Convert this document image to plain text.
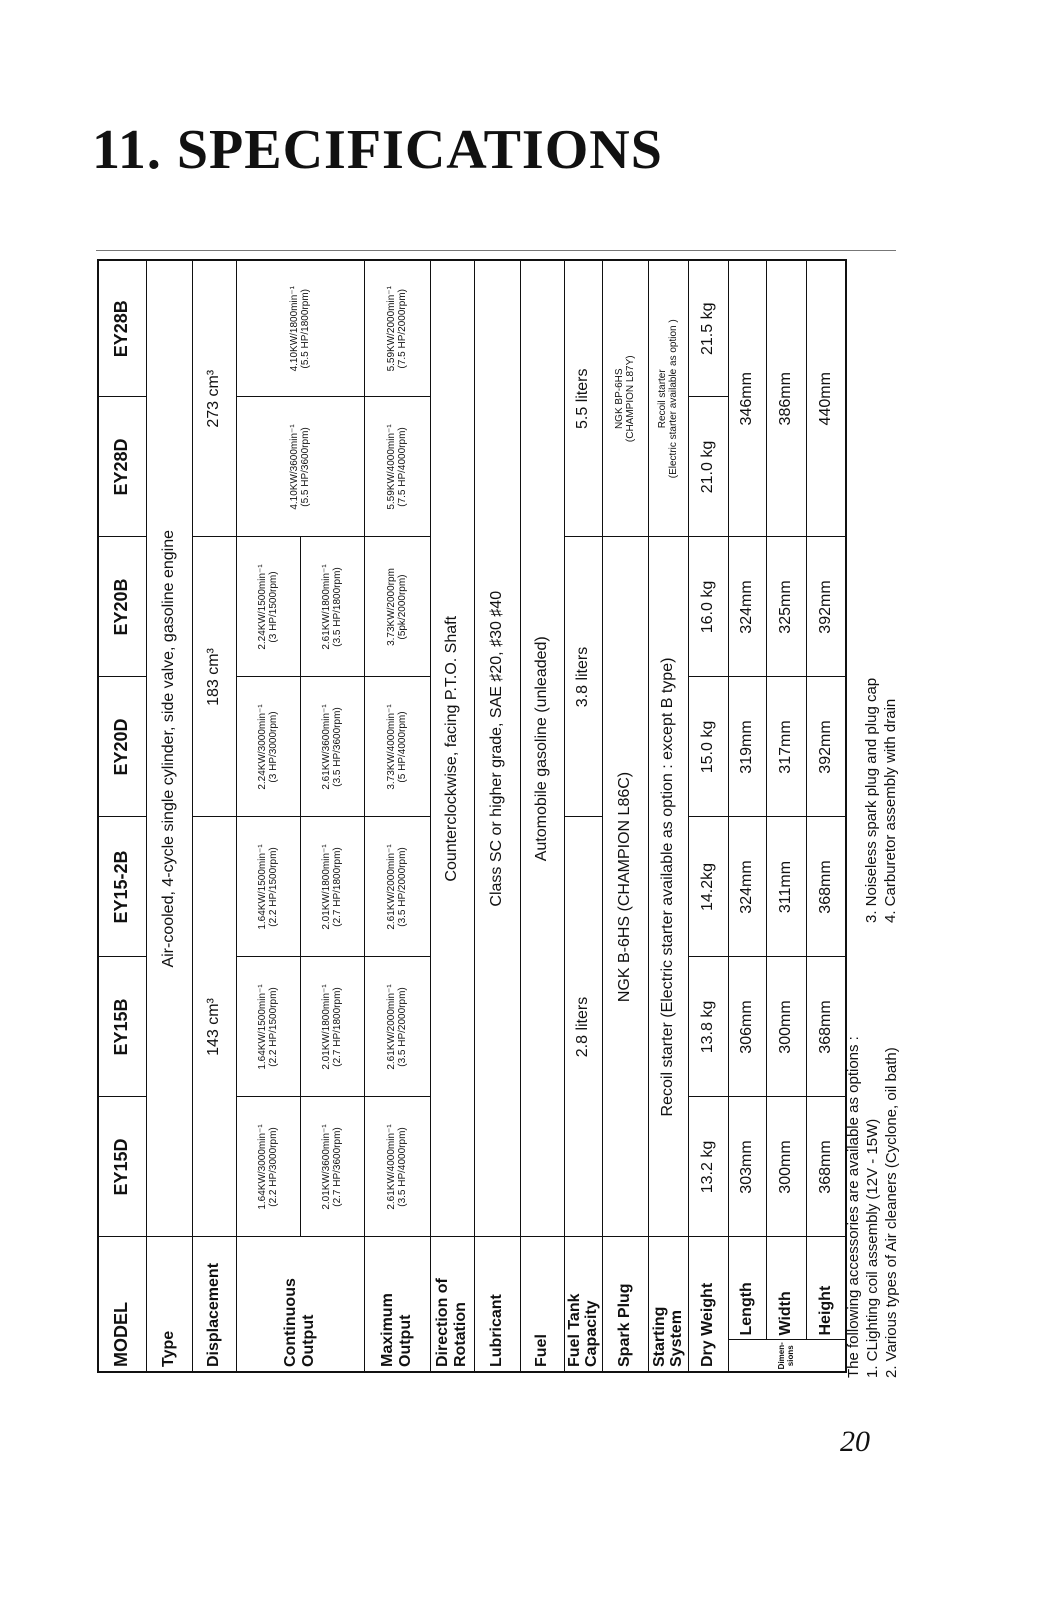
11. SPECIFICATIONS
MODEL		EY15D	EY15B	EY15-2B	EY20D	EY20B	EY28D	EY28B
Type		Air-cooled, 4-cycle single cylinder, side valve, gasoline engine						
Displacement		143 cm³			183 cm³		273 cm³	

Continuous Output		1.64KW/3000min⁻¹ (2.2 HP/3000rpm)	1.64KW/1500min⁻¹ (2.2 HP/1500rpm)	1.64KW/1500min⁻¹ (2.2 HP/1500rpm)	2.24KW/3000min⁻¹ (3 HP/3000rpm)	2.24KW/1500min⁻¹ (3 HP/1500rpm)	4.10KW/3600min⁻¹ (5.5 HP/3600rpm)	4.10KW/1800min⁻¹ (5.5 HP/1800rpm)

		2.01KW/3600min⁻¹ (2.7 HP/3600rpm)	2.01KW/1800min⁻¹ (2.7 HP/1800rpm)	2.01KW/1800min⁻¹ (2.7 HP/1800rpm)	2.61KW/3600min⁻¹ (3.5 HP/3600rpm)	2.61KW/1800min⁻¹ (3.5 HP/1800rpm)		

Maximum Output		2.61KW/4000min⁻¹ (3.5 HP/4000rpm)	2.61KW/2000min⁻¹ (3.5 HP/2000rpm)	2.61KW/2000min⁻¹ (3.5 HP/2000rpm)	3.73KW/4000min⁻¹ (5 HP/4000rpm)	3.73KW/2000rpm (5pk/2000rpm)	5.59KW/4000min⁻¹ (7.5 HP/4000rpm)	5.59KW/2000min⁻¹ (7.5 HP/2000rpm)

Direction of Rotation		Counterclockwise, facing P.T.O. Shaft						
Lubricant		Class SC or higher grade, SAE ♯20, ♯30 ♯40						
Fuel		Automobile gasoline (unleaded)						

Fuel Tank Capacity		2.8 liters			3.8 liters		5.5 liters	
Spark Plug		NGK B-6HS (CHAMPION L86C)					NGK BP-6HS (CHAMPION L87Y)	

Starting System		Recoil starter (Electric starter available as option : except B type)					Recoil starter (Electric starter available as option )	

Dry Weight		13.2 kg	13.8 kg	14.2kg	15.0 kg	16.0 kg	21.0 kg	21.5 kg

Dimen- sions	Length	303mm	306mm	324mm	319mm	324mm	346mm	
	Width	300mm	300mm	311mm	317mm	325mm	386mm	
	Height	368mm	368mm	368mm	392mm	392mm	440mm	
The following accessories are available as options : 1. CLighting coil assembly (12V - 15W) 2. Various types of Air cleaners (Cyclone, oil bath)
3. Noiseless spark plug and plug cap 4. Carburetor assembly with drain
20
